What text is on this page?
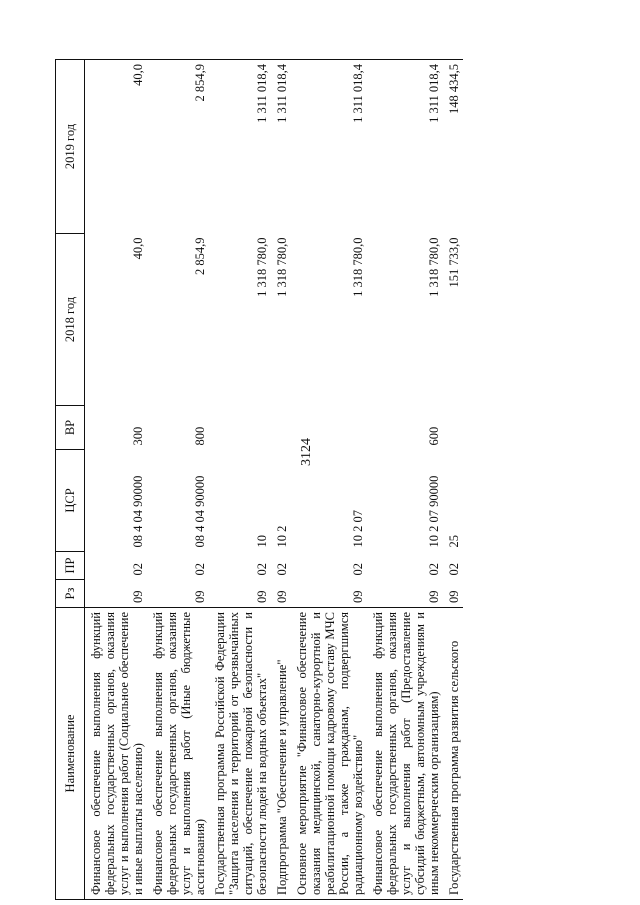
3124
Наименование	Рз	ПР	ЦСР	ВР	2018 год	2019 год
Финансовое обеспечение выполнения функций федеральных государственных органов, оказания услуг и выполнения работ (Социальное обеспечение и иные выплаты населению)	09	02	08 4 04 90000	300	40,0	40,0
Финансовое обеспечение выполнения функций федеральных государственных органов, оказания услуг и выполнения работ (Иные бюджетные ассигнования)	09	02	08 4 04 90000	800	2 854,9	2 854,9
Государственная программа Российской Федерации "Защита населения и территорий от чрезвычайных ситуаций, обеспечение пожарной безопасности и безопасности людей на водных объектах"	09	02	10		1 318 780,0	1 311 018,4
Подпрограмма "Обеспечение и управление"	09	02	10 2		1 318 780,0	1 311 018,4
Основное мероприятие "Финансовое обеспечение оказания медицинской, санаторно-курортной и реабилитационной помощи кадровому составу МЧС России, а также гражданам, подвергшимся радиационному воздействию"	09	02	10 2 07		1 318 780,0	1 311 018,4
Финансовое обеспечение выполнения функций федеральных государственных органов, оказания услуг и выполнения работ (Предоставление субсидий бюджетным, автономным учреждениям и иным некоммерческим организациям)	09	02	10 2 07 90000	600	1 318 780,0	1 311 018,4
Государственная программа развития сельского	09	02	25		151 733,0	148 434,5
